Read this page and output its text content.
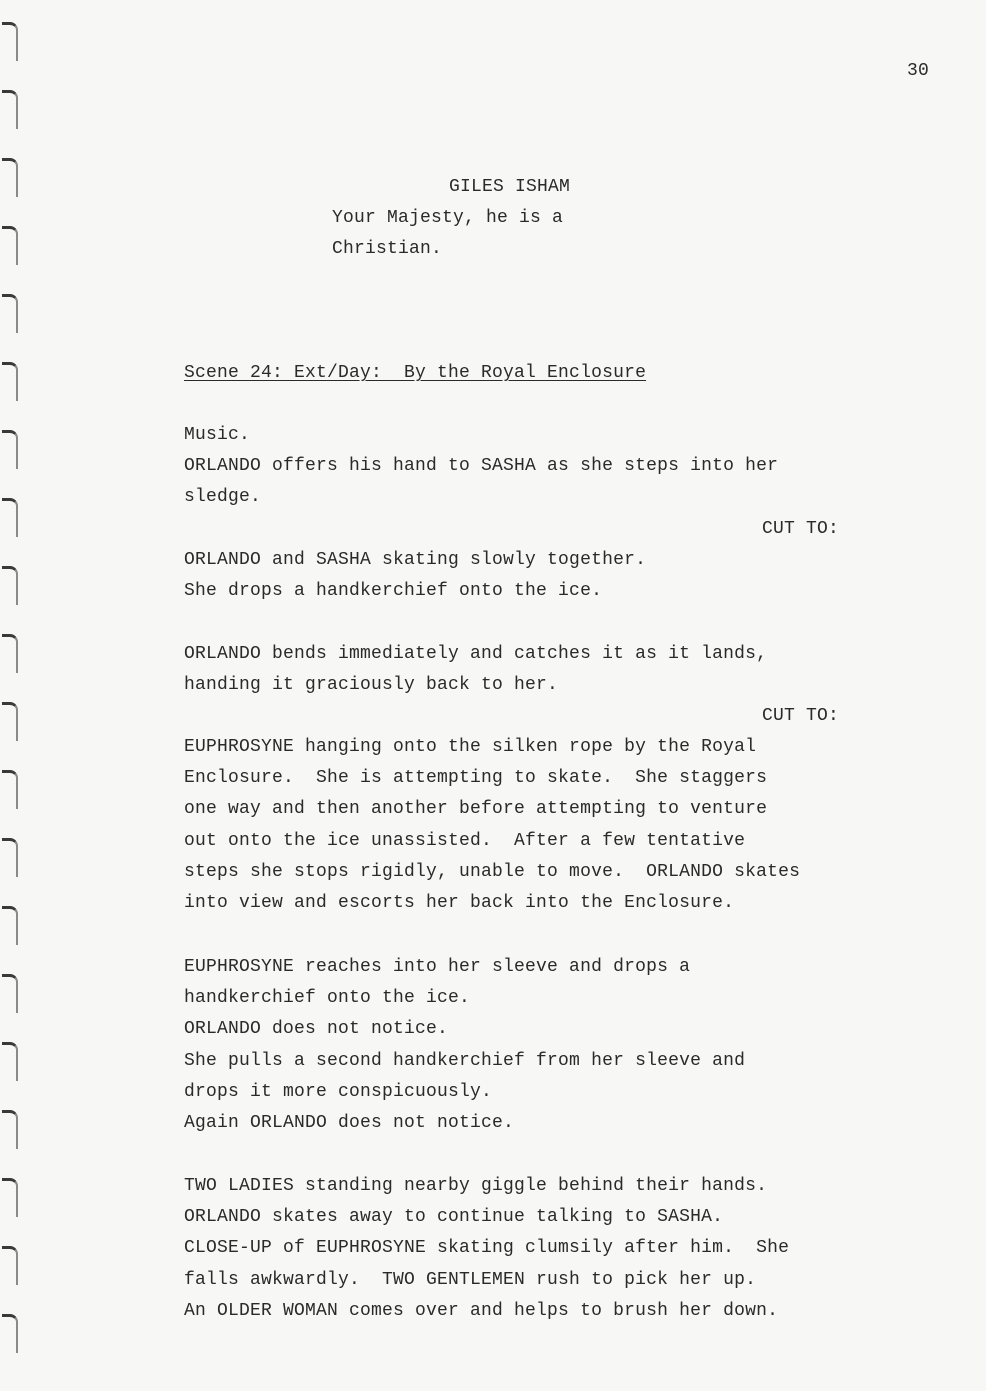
30
GILES ISHAM
Your Majesty, he is a
Christian.
Scene 24: Ext/Day:  By the Royal Enclosure
Music.
ORLANDO offers his hand to SASHA as she steps into her
sledge.
CUT TO:
ORLANDO and SASHA skating slowly together.
She drops a handkerchief onto the ice.
ORLANDO bends immediately and catches it as it lands,
handing it graciously back to her.
CUT TO:
EUPHROSYNE hanging onto the silken rope by the Royal
Enclosure.  She is attempting to skate.  She staggers
one way and then another before attempting to venture
out onto the ice unassisted.  After a few tentative
steps she stops rigidly, unable to move.  ORLANDO skates
into view and escorts her back into the Enclosure.
EUPHROSYNE reaches into her sleeve and drops a
handkerchief onto the ice.
ORLANDO does not notice.
She pulls a second handkerchief from her sleeve and
drops it more conspicuously.
Again ORLANDO does not notice.
TWO LADIES standing nearby giggle behind their hands.
ORLANDO skates away to continue talking to SASHA.
CLOSE-UP of EUPHROSYNE skating clumsily after him.  She
falls awkwardly.  TWO GENTLEMEN rush to pick her up.
An OLDER WOMAN comes over and helps to brush her down.
